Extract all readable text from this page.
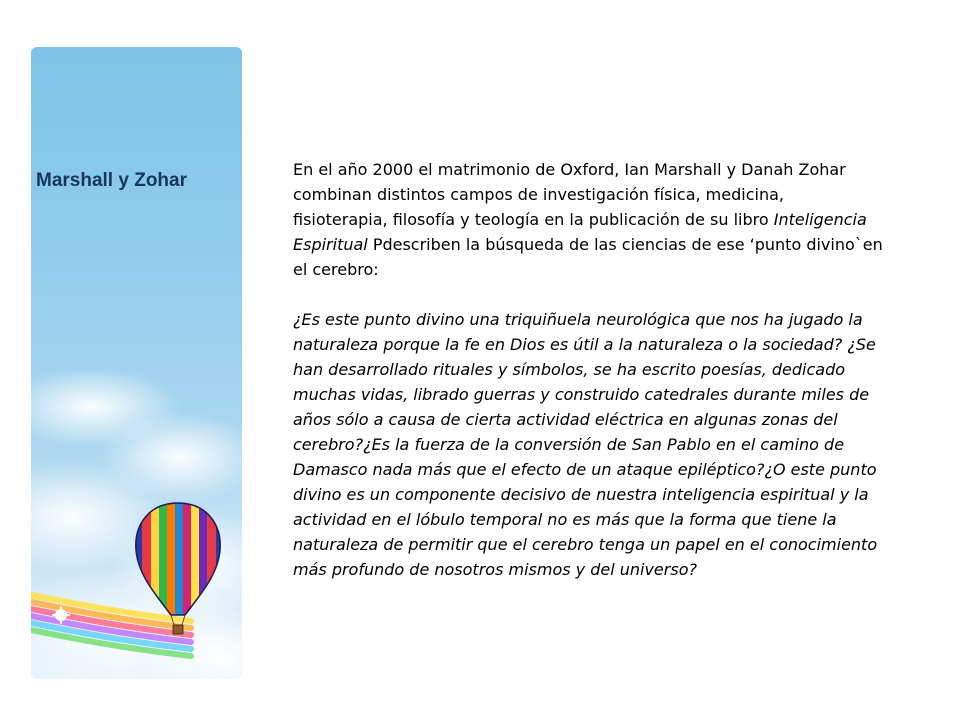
Marshall y Zohar

En el año 2000 el matrimonio de Oxford, Ian Marshall y Danah Zohar combinan distintos campos de investigación física, medicina, fisioterapia, filosofía y teología en la publicación de su libro Inteligencia Espiritual Pdescriben la búsqueda de las ciencias de ese ‘punto divino`en el cerebro:

¿Es este punto divino una triquiñuela neurológica que nos ha jugado la naturaleza porque la fe en Dios es útil a la naturaleza o la sociedad? ¿Se han desarrollado rituales y símbolos, se ha escrito poesías, dedicado muchas vidas, librado guerras y construido catedrales durante miles de años sólo a causa de cierta actividad eléctrica en algunas zonas del cerebro?¿Es la fuerza de la conversión de San Pablo en el camino de Damasco nada más que el efecto de un ataque epiléptico?¿O este punto divino es un componente decisivo de nuestra inteligencia espiritual y la actividad en el lóbulo temporal no es más que la forma que tiene la naturaleza de permitir que el cerebro tenga un papel en el conocimiento más profundo de nosotros mismos y del universo?
